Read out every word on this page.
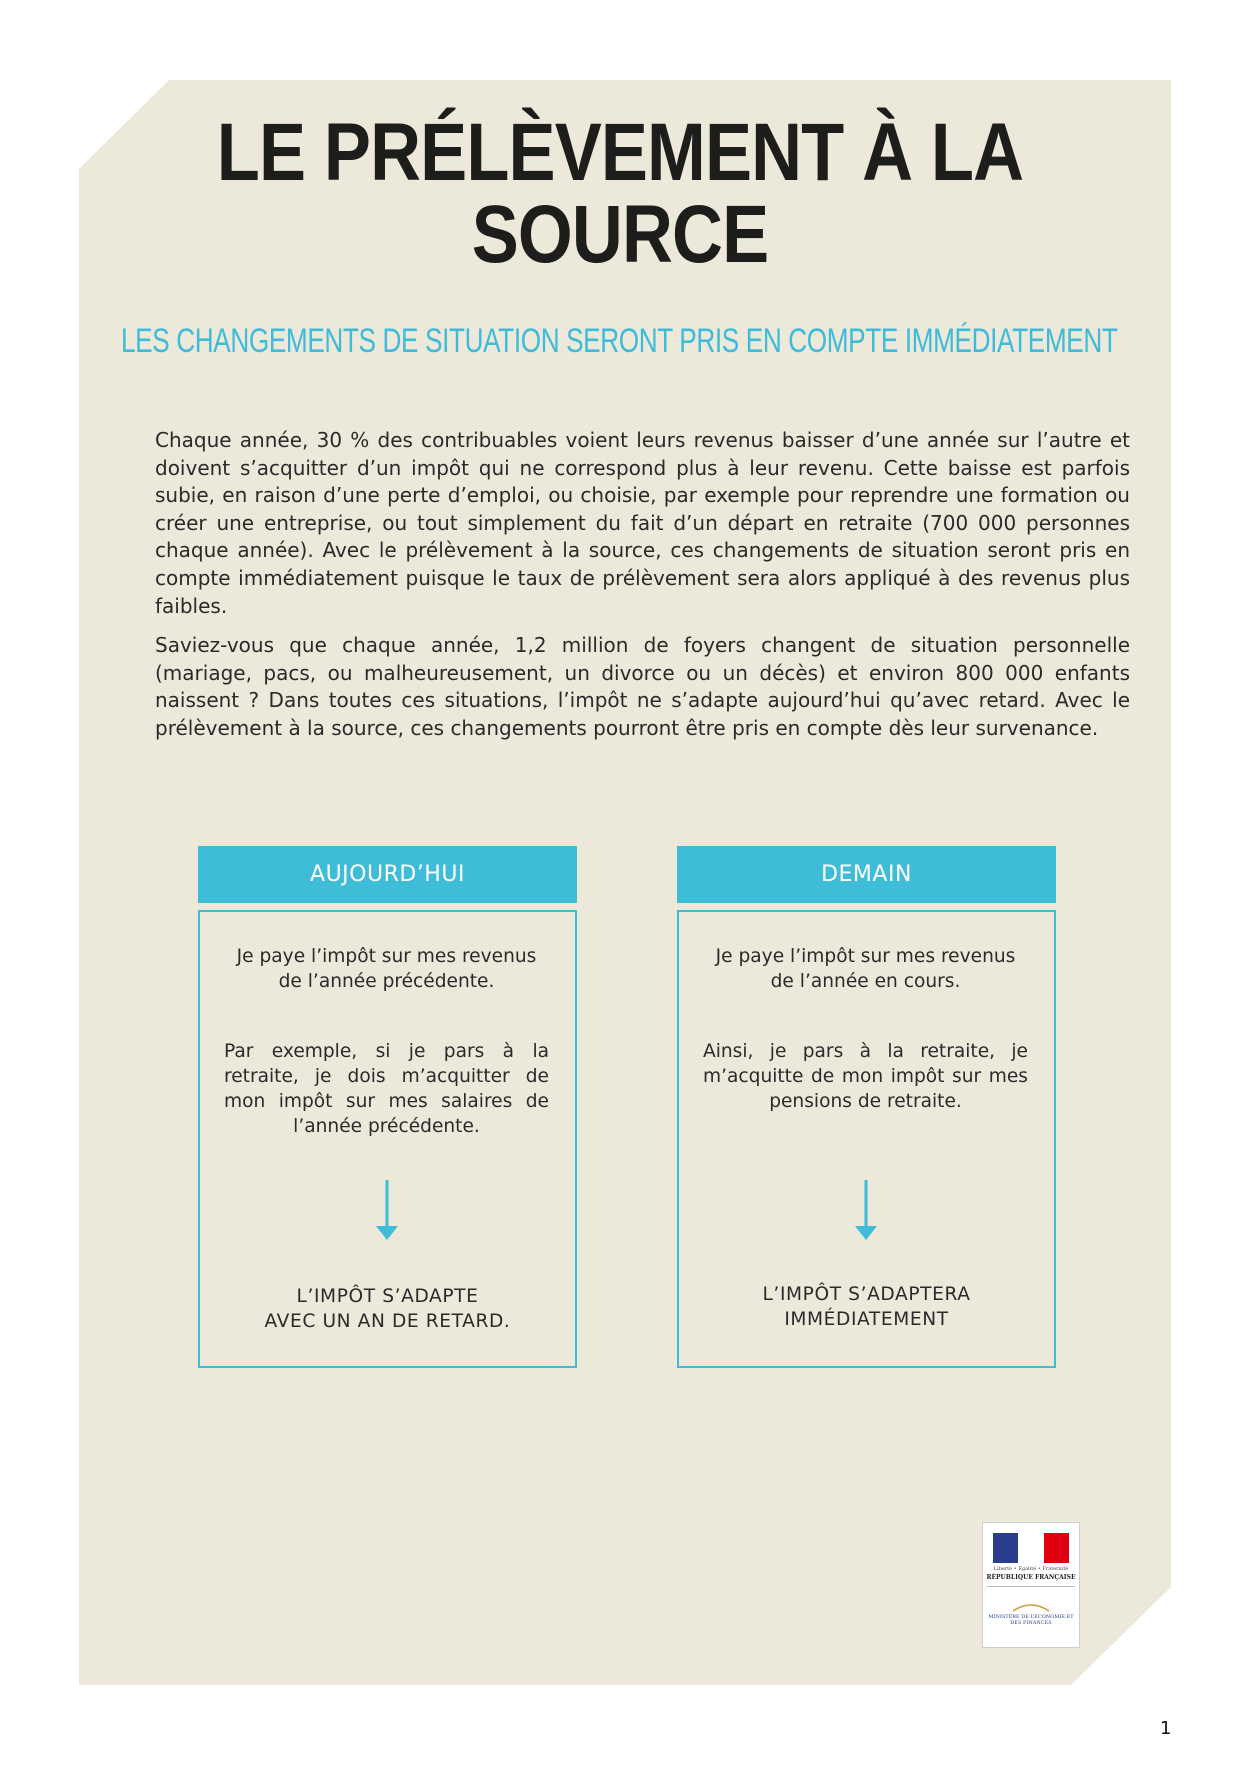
LE PRÉLÈVEMENT À LA SOURCE
LES CHANGEMENTS DE SITUATION SERONT PRIS EN COMPTE IMMÉDIATEMENT

Chaque année, 30 % des contribuables voient leurs revenus baisser d’une année sur l’autre et doivent s’acquitter d’un impôt qui ne correspond plus à leur revenu. Cette baisse est parfois subie, en raison d’une perte d’emploi, ou choisie, par exemple pour reprendre une formation ou créer une entreprise, ou tout simplement du fait d’un départ en retraite (700 000 personnes chaque année). Avec le prélèvement à la source, ces changements de situation seront pris en compte immédiatement puisque le taux de prélèvement sera alors appliqué à des revenus plus faibles.

Saviez-vous que chaque année, 1,2 million de foyers changent de situation personnelle (mariage, pacs, ou malheureusement, un divorce ou un décès) et environ 800 000 enfants naissent ? Dans toutes ces situations, l’impôt ne s’adapte aujourd’hui qu’avec retard. Avec le prélèvement à la source, ces changements pourront être pris en compte dès leur survenance.

AUJOURD’HUI
Je paye l’impôt sur mes revenus de l’année précédente.
Par exemple, si je pars à la retraite, je dois m’acquitter de mon impôt sur mes salaires de l’année précédente.
L’IMPÔT S’ADAPTE
AVEC UN AN DE RETARD.
DEMAIN
Je paye l’impôt sur mes revenus de l’année en cours.
Ainsi, je pars à la retraite, je m’acquitte de mon impôt sur mes pensions de retraite.
L’IMPÔT S’ADAPTERA
IMMÉDIATEMENT
Liberté • Égalité • Fraternité
RÉPUBLIQUE FRANÇAISE
MINISTÈRE DE L’ÉCONOMIE ET DES FINANCES
1
